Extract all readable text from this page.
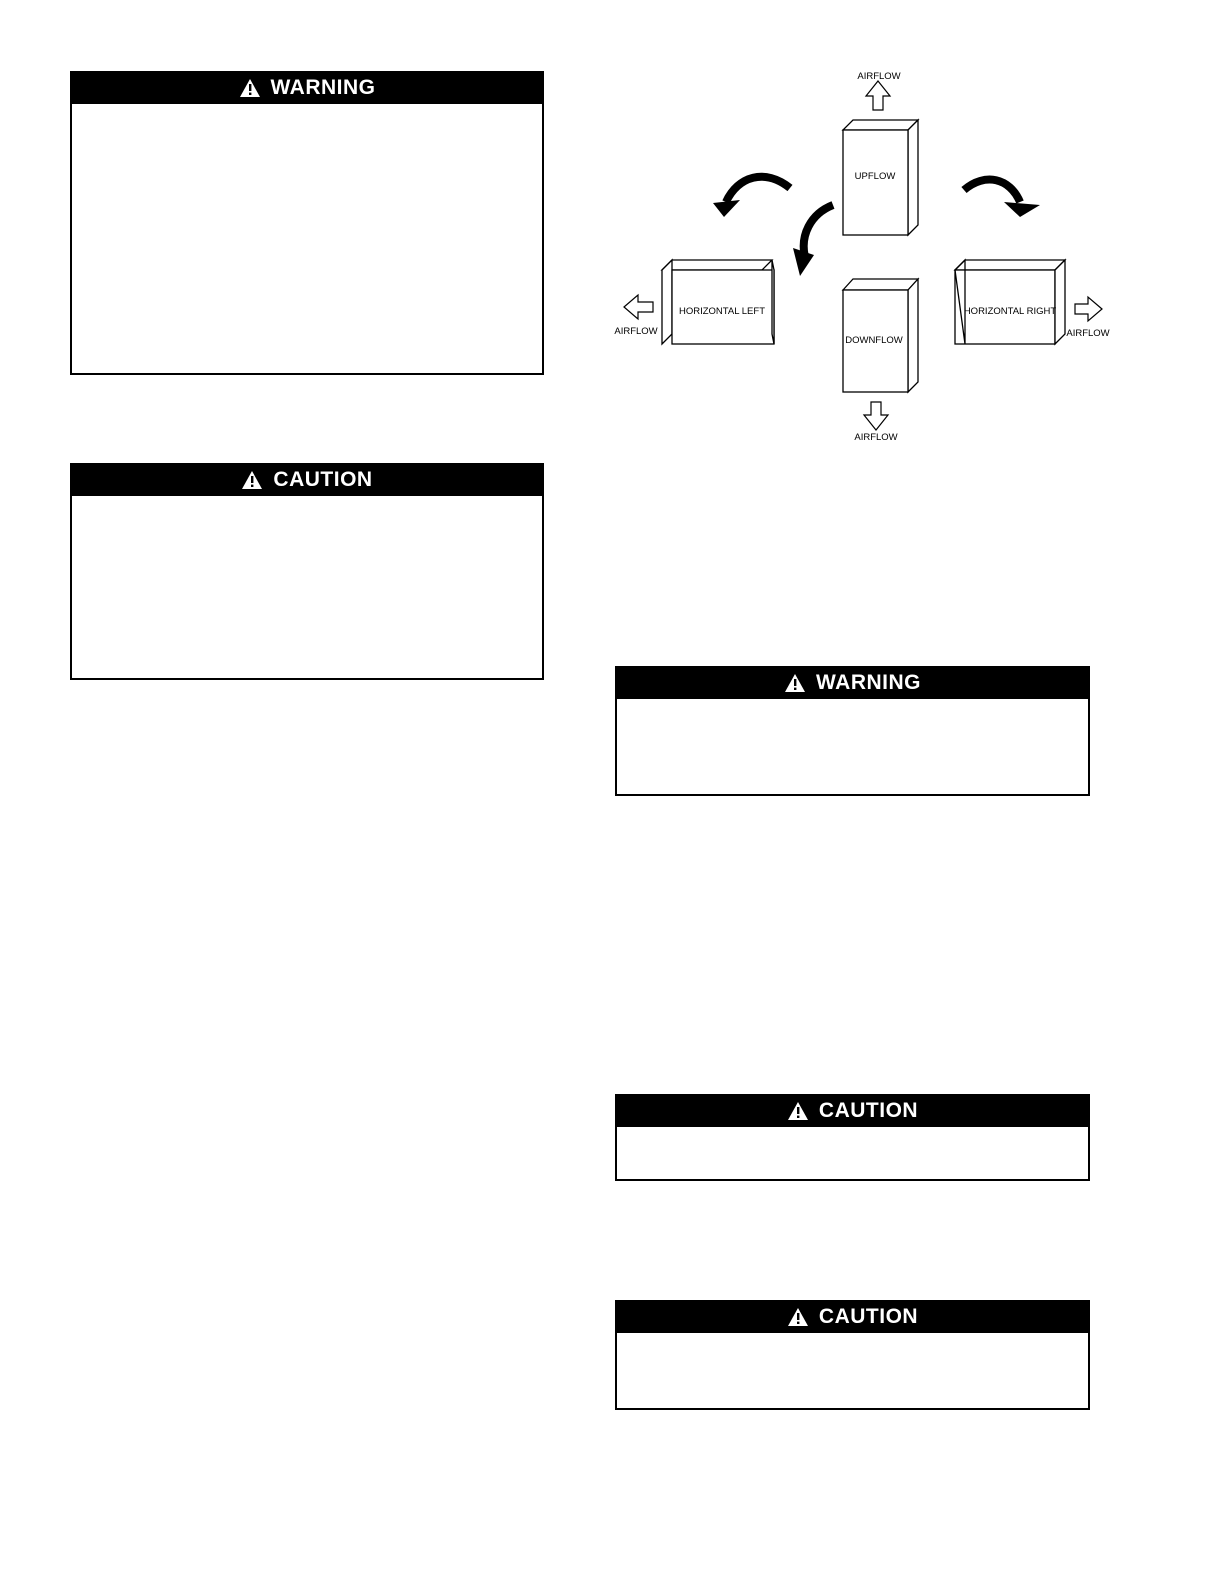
WARNING
CAUTION
UPFLOW
AIRFLOW
DOWNFLOW
AIRFLOW
HORIZONTAL LEFT
AIRFLOW
HORIZONTAL RIGHT
AIRFLOW
WARNING
CAUTION
CAUTION
